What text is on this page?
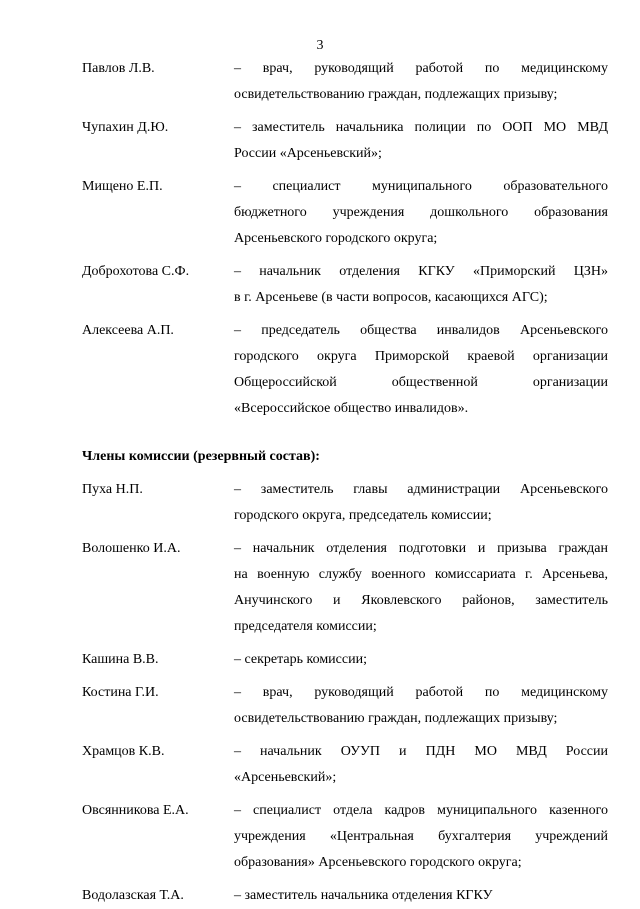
3
Павлов Л.В.	– врач, руководящий работой по медицинскому
освидетельствованию граждан, подлежащих призыву;
Чупахин Д.Ю.	– заместитель начальника полиции по ООП МО МВД
России «Арсеньевский»;
Мищено Е.П.	– специалист муниципального образовательного
бюджетного учреждения дошкольного образования
Арсеньевского городского округа;
Доброхотова С.Ф.	– начальник отделения КГКУ «Приморский ЦЗН»
в г. Арсеньеве (в части вопросов, касающихся АГС);
Алексеева А.П.	– председатель общества инвалидов Арсеньевского
городского округа Приморской краевой организации
Общероссийской общественной организации
«Всероссийское общество инвалидов».
Члены комиссии (резервный состав):
Пуха Н.П.	– заместитель главы администрации Арсеньевского
городского округа, председатель комиссии;
Волошенко И.А.	– начальник отделения подготовки и призыва граждан
на военную службу военного комиссариата г. Арсеньева,
Анучинского и Яковлевского районов, заместитель
председателя комиссии;
Кашина В.В.	– секретарь комиссии;
Костина Г.И.	– врач, руководящий работой по медицинскому
освидетельствованию граждан, подлежащих призыву;
Храмцов К.В.	– начальник ОУУП и ПДН МО МВД России
«Арсеньевский»;
Овсянникова Е.А.	– специалист отдела кадров муниципального казенного
учреждения «Центральная бухгалтерия учреждений
образования» Арсеньевского городского округа;
Водолазская Т.А.	– заместитель начальника отделения КГКУ
